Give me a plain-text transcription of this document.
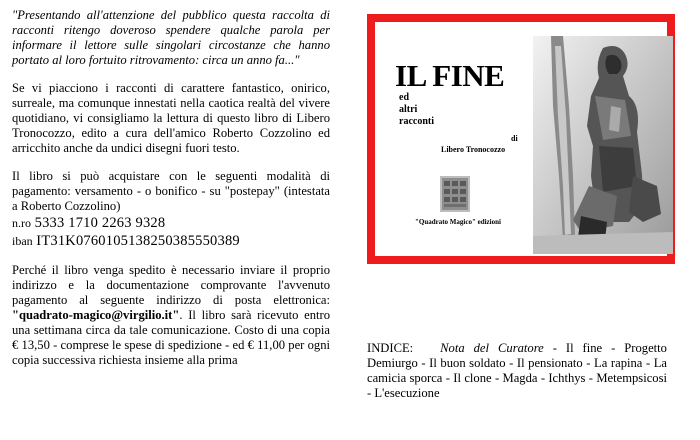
"Presentando all'attenzione del pubblico questa raccolta di racconti ritengo doveroso spendere qualche parola per informare il lettore sulle singolari circostanze che hanno portato al loro fortuito ritrovamento: circa un anno fa..."

Se vi piacciono i racconti di carattere fantastico, onirico, surreale, ma comunque innestati nella caotica realtà del vivere quotidiano, vi consigliamo la lettura di questo libro di Libero Tronocozzo, edito a cura dell'amico Roberto Cozzolino ed arricchito anche da undici disegni fuori testo.

Il libro si può acquistare con le seguenti modalità di pagamento: versamento - o bonifico - su "postepay" (intestata a Roberto Cozzolino)

n.ro 5333 1710 2263 9328
iban IT31K0760105138250385550389

Perché il libro venga spedito è necessario inviare il proprio indirizzo e la documentazione comprovante l'avvenuto pagamento al seguente indirizzo di posta elettronica: "quadrato-magico@virgilio.it". Il libro sarà ricevuto entro una settimana circa da tale comunicazione. Costo di una copia € 13,50 - comprese le spese di spedizione - ed € 11,00 per ogni copia successiva richiesta insieme alla prima

IL FINE
ed
altri
racconti
di
Libero Tronocozzo
"Quadrato Magico" edizioni
INDICE: Nota del Curatore - Il fine - Progetto Demiurgo - Il buon soldato - Il pensionato - La rapina - La camicia sporca - Il clone - Magda - Ichthys - Metempsicosi - L'esecuzione
